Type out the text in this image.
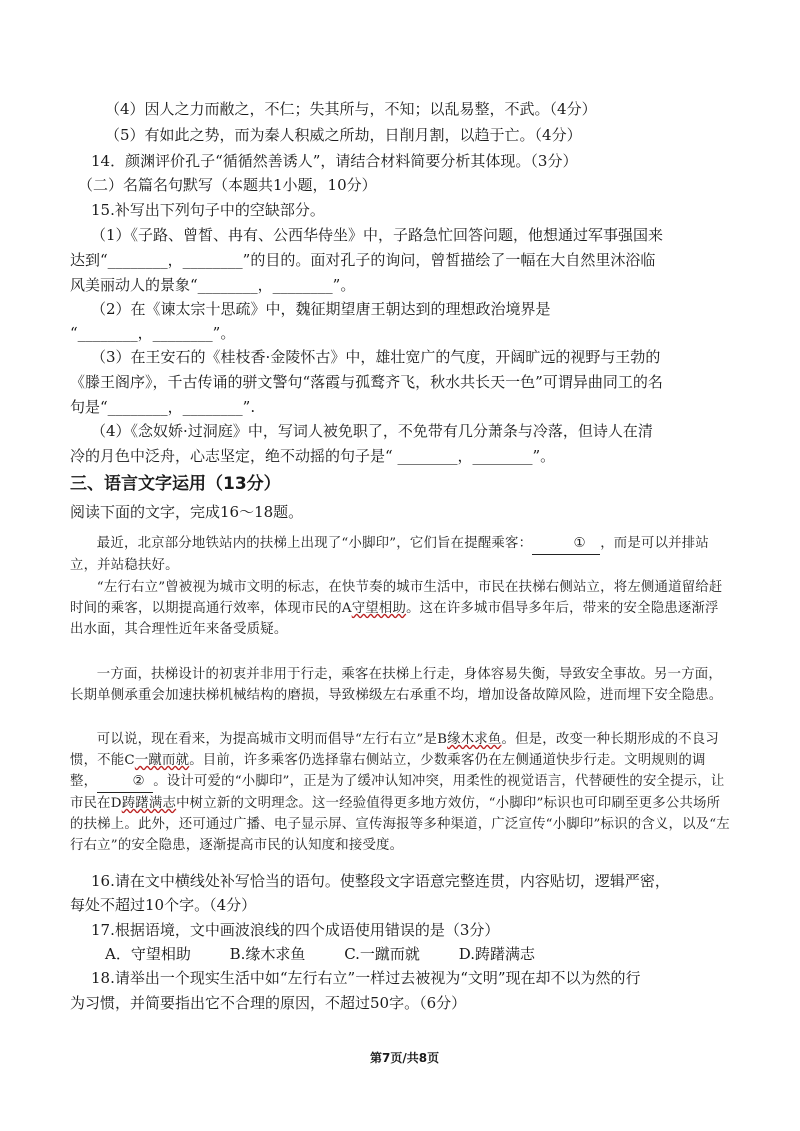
（4）因人之力而敝之，不仁；失其所与，不知；以乱易整，不武。（4分）
（5）有如此之势，而为秦人积威之所劫，日削月割，以趋于亡。（4分）
14．颜渊评价孔子“循循然善诱人”，请结合材料简要分析其体现。（3分）
（二）名篇名句默写（本题共1小题，10分）
15.补写出下列句子中的空缺部分。
（1）《子路、曾皙、冉有、公西华侍坐》中，子路急忙回答问题，他想通过军事强国来
达到“________，________”的目的。面对孔子的询问，曾皙描绘了一幅在大自然里沐浴临
风美丽动人的景象“________，________”。
（2）在《谏太宗十思疏》中，魏征期望唐王朝达到的理想政治境界是
“________，________”。
（3）在王安石的《桂枝香·金陵怀古》中，雄壮宽广的气度，开阔旷远的视野与王勃的
《滕王阁序》，千古传诵的骈文警句“落霞与孤鹜齐飞，秋水共长天一色”可谓异曲同工的名
句是“________，________”.
（4）《念奴娇·过洞庭》中，写词人被免职了，不免带有几分萧条与冷落，但诗人在清
冷的月色中泛舟，心志坚定，绝不动摇的句子是“ ________，________”。
三、语言文字运用（13分）
阅读下面的文字，完成16～18题。
最近，北京部分地铁站内的扶梯上出现了“小脚印”，它们旨在提醒乘客：	① ，而是可以并排站立，并站稳扶好。
“左行右立”曾被视为城市文明的标志，在快节奏的城市生活中，市民在扶梯右侧站立，将左侧通道留给赶时间的乘客，以期提高通行效率，体现市民的A守望相助。这在许多城市倡导多年后，带来的安全隐患逐渐浮出水面，其合理性近年来备受质疑。
一方面，扶梯设计的初衷并非用于行走，乘客在扶梯上行走，身体容易失衡，导致安全事故。另一方面，长期单侧承重会加速扶梯机械结构的磨损，导致梯级左右承重不均，增加设备故障风险，进而埋下安全隐患。
可以说，现在看来，为提高城市文明而倡导“左行右立”是B缘木求鱼。但是，改变一种长期形成的不良习惯，不能C一蹴而就。目前，许多乘客仍选择靠右侧站立，少数乘客仍在左侧通道快步行走。文明规则的调整，	② 。设计可爱的“小脚印”，正是为了缓冲认知冲突，用柔性的视觉语言，代替硬性的安全提示，让市民在D踌躇满志中树立新的文明理念。这一经验值得更多地方效仿，“小脚印”标识也可印刷至更多公共场所的扶梯上。此外，还可通过广播、电子显示屏、宣传海报等多种渠道，广泛宣传“小脚印”标识的含义，以及“左行右立”的安全隐患，逐渐提高市民的认知度和接受度。
16.请在文中横线处补写恰当的语句。使整段文字语意完整连贯，内容贴切，逻辑严密，
每处不超过10个字。（4分）
17.根据语境，文中画波浪线的四个成语使用错误的是（3分）
A．守望相助	B.缘木求鱼	C.一蹴而就	D.踌躇满志
18.请举出一个现实生活中如“左行右立”一样过去被视为“文明”现在却不以为然的行
为习惯，并简要指出它不合理的原因，不超过50字。（6分）
第7页/共8页
